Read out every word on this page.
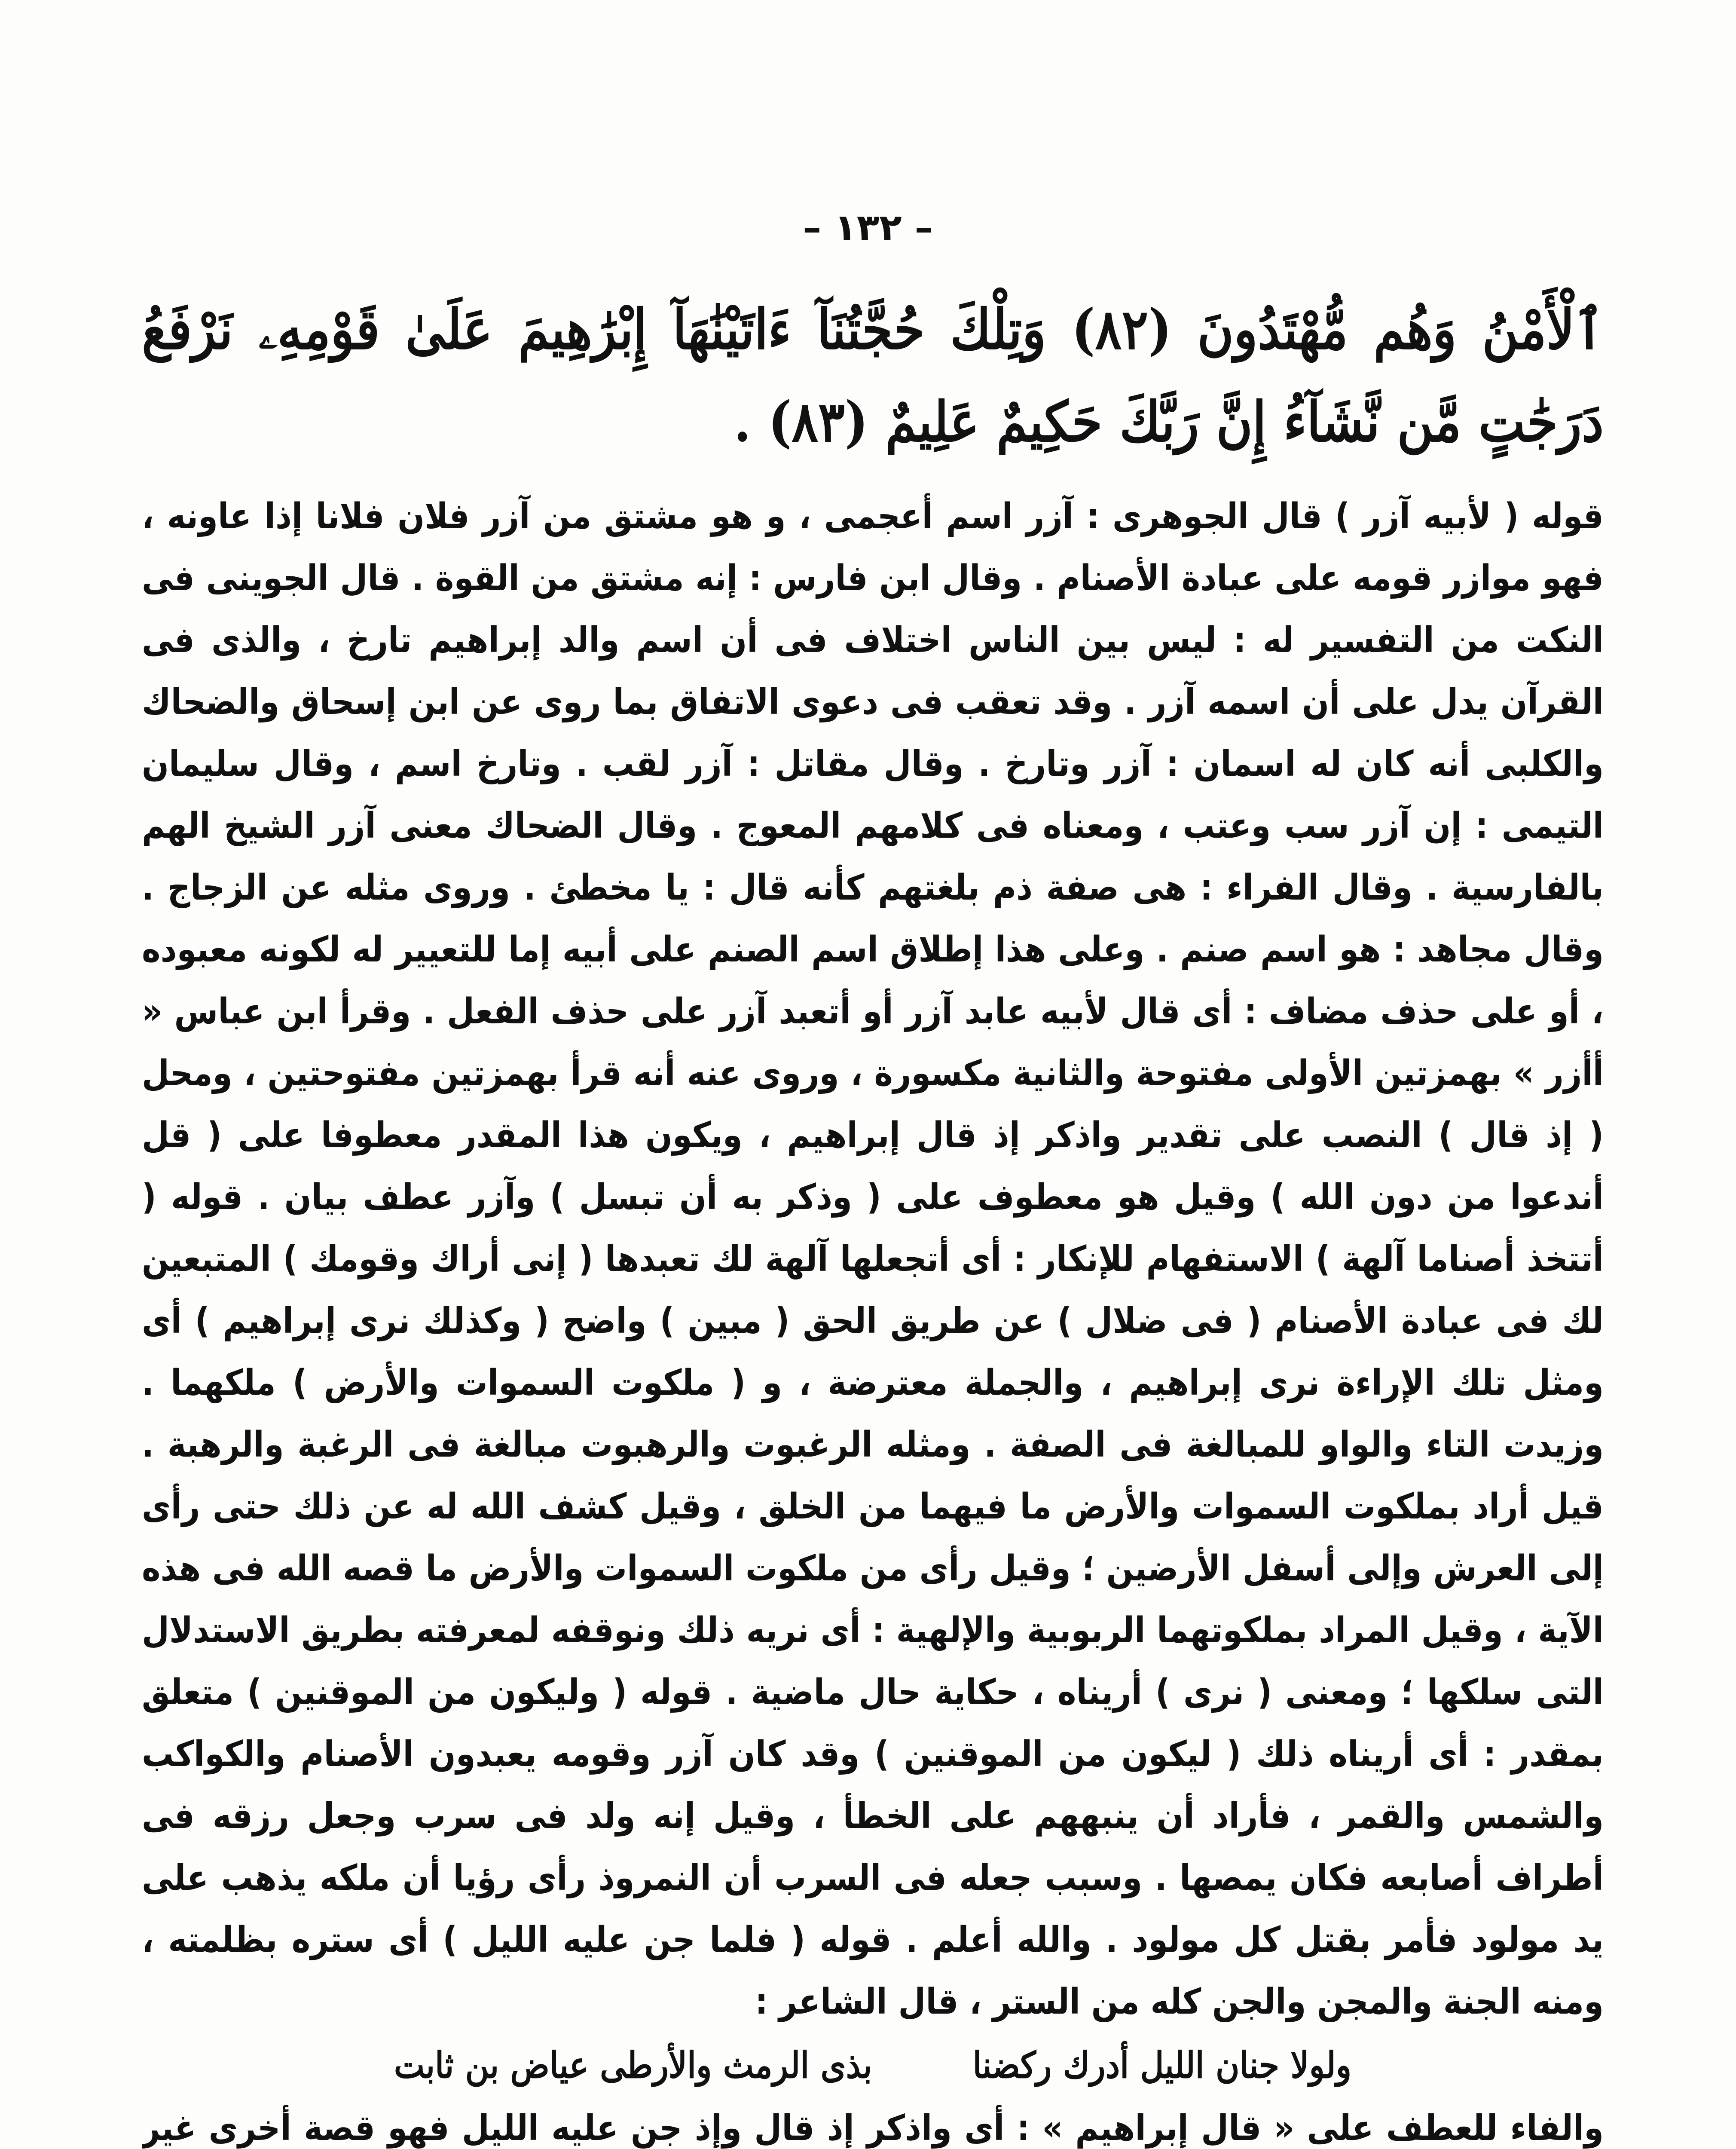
– ١٣٢ –

ٱلْأَمْنُ وَهُم مُّهْتَدُونَ (٨٢) وَتِلْكَ حُجَّتُنَآ ءَاتَيْنَٰهَآ إِبْرَٰهِيمَ عَلَىٰ قَوْمِهِۦ نَرْفَعُ دَرَجَٰتٍ مَّن نَّشَآءُ إِنَّ رَبَّكَ حَكِيمٌ عَلِيمٌ (٨٣) .

قوله ( لأبيه آزر ) قال الجوهرى : آزر اسم أعجمى ، و هو مشتق من آزر فلان فلانا إذا عاونه ، فهو موازر قومه على عبادة الأصنام . وقال ابن فارس : إنه مشتق من القوة . قال الجوينى فى النكت من التفسير له : ليس بين الناس اختلاف فى أن اسم والد إبراهيم تارخ ، والذى فى القرآن يدل على أن اسمه آزر . وقد تعقب فى دعوى الاتفاق بما روى عن ابن إسحاق والضحاك والكلبى أنه كان له اسمان : آزر وتارخ . وقال مقاتل : آزر لقب . وتارخ اسم ، وقال سليمان التيمى : إن آزر سب وعتب ، ومعناه فى كلامهم المعوج . وقال الضحاك معنى آزر الشيخ الهم بالفارسية . وقال الفراء : هى صفة ذم بلغتهم كأنه قال : يا مخطئ . وروى مثله عن الزجاج . وقال مجاهد : هو اسم صنم . وعلى هذا إطلاق اسم الصنم على أبيه إما للتعيير له لكونه معبوده ، أو على حذف مضاف : أى قال لأبيه عابد آزر أو أتعبد آزر على حذف الفعل . وقرأ ابن عباس « أأزر » بهمزتين الأولى مفتوحة والثانية مكسورة ، وروى عنه أنه قرأ بهمزتين مفتوحتين ، ومحل ( إذ قال ) النصب على تقدير واذكر إذ قال إبراهيم ، ويكون هذا المقدر معطوفا على ( قل أندعوا من دون الله ) وقيل هو معطوف على ( وذكر به أن تبسل ) وآزر عطف بيان . قوله ( أتتخذ أصناما آلهة ) الاستفهام للإنكار : أى أتجعلها آلهة لك تعبدها ( إنى أراك وقومك ) المتبعين لك فى عبادة الأصنام ( فى ضلال ) عن طريق الحق ( مبين ) واضح ( وكذلك نرى إبراهيم ) أى ومثل تلك الإراءة نرى إبراهيم ، والجملة معترضة ، و ( ملكوت السموات والأرض ) ملكهما . وزيدت التاء والواو للمبالغة فى الصفة . ومثله الرغبوت والرهبوت مبالغة فى الرغبة والرهبة . قيل أراد بملكوت السموات والأرض ما فيهما من الخلق ، وقيل كشف الله له عن ذلك حتى رأى إلى العرش وإلى أسفل الأرضين ؛ وقيل رأى من ملكوت السموات والأرض ما قصه الله فى هذه الآية ، وقيل المراد بملكوتهما الربوبية والإلهية : أى نريه ذلك ونوقفه لمعرفته بطريق الاستدلال التى سلكها ؛ ومعنى ( نرى ) أريناه ، حكاية حال ماضية . قوله ( وليكون من الموقنين ) متعلق بمقدر : أى أريناه ذلك ( ليكون من الموقنين ) وقد كان آزر وقومه يعبدون الأصنام والكواكب والشمس والقمر ، فأراد أن ينبههم على الخطأ ، وقيل إنه ولد فى سرب وجعل رزقه فى أطراف أصابعه فكان يمصها . وسبب جعله فى السرب أن النمروذ رأى رؤيا أن ملكه يذهب على يد مولود فأمر بقتل كل مولود . والله أعلم . قوله ( فلما جن عليه الليل ) أى ستره بظلمته ، ومنه الجنة والمجن والجن كله من الستر ، قال الشاعر :

ولولا جنان الليل أدرك ركضنا
بذى الرمث والأرطى عياض بن ثابت

والفاء للعطف على « قال إبراهيم » : أى واذكر إذ قال وإذ جن عليه الليل فهو قصة أخرى غير
